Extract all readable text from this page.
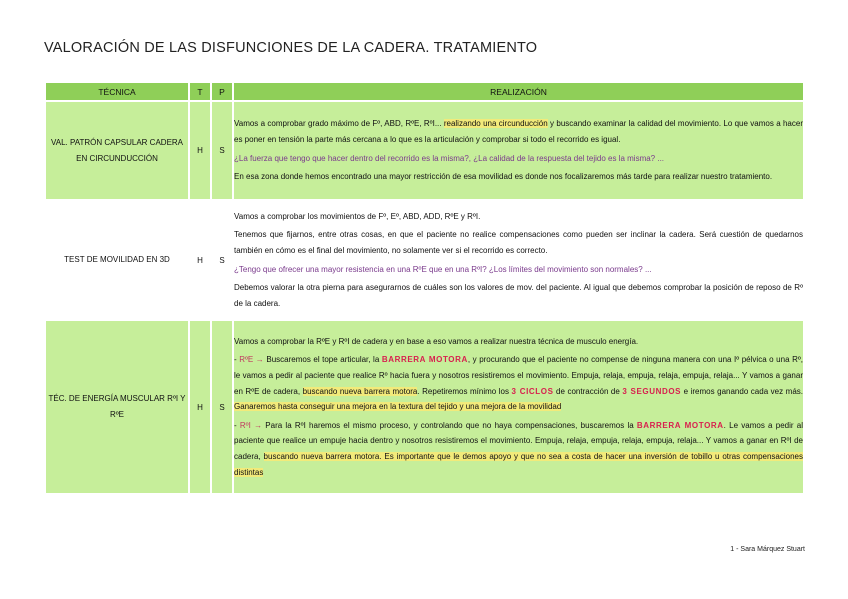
VALORACIÓN DE LAS DISFUNCIONES DE LA CADERA. TRATAMIENTO
TÉCNICA	T	P	REALIZACIÓN
VAL. PATRÓN CAPSULAR CADERA EN CIRCUNDUCCIÓN	H	S	Vamos a comprobar grado máximo de Fº, ABD, RºE, RºI... realizando una circunducción y buscando examinar la calidad del movimiento. Lo que vamos a hacer es poner en tensión la parte más cercana a lo que es la articulación y comprobar si todo el recorrido es igual.

¿La fuerza que tengo que hacer dentro del recorrido es la misma?, ¿La calidad de la respuesta del tejido es la misma? ...

En esa zona donde hemos encontrado una mayor restricción de esa movilidad es donde nos focalizaremos más tarde para realizar nuestro tratamiento.

TEST DE MOVILIDAD EN 3D	H	S	Vamos a comprobar los movimientos de Fº, Eº, ABD, ADD, RºE y RºI.

Tenemos que fijarnos, entre otras cosas, en que el paciente no realice compensaciones como pueden ser inclinar la cadera. Será cuestión de quedarnos también en cómo es el final del movimiento, no solamente ver si el recorrido es correcto.

¿Tengo que ofrecer una mayor resistencia en una RºE que en una RºI? ¿Los límites del movimiento son normales? ...

Debemos valorar la otra pierna para asegurarnos de cuáles son los valores de mov. del paciente. Al igual que debemos comprobar la posición de reposo de Rº de la cadera.

TÉC. DE ENERGÍA MUSCULAR RºI Y RºE	H	S	Vamos a comprobar la RºE y RºI de cadera y en base a eso vamos a realizar nuestra técnica de musculo energía.

- RºE → Buscaremos el tope articular, la BARRERA MOTORA, y procurando que el paciente no compense de ninguna manera con una Iº pélvica o una Rº, le vamos a pedir al paciente que realice Rº hacia fuera y nosotros resistiremos el movimiento. Empuja, relaja, empuja, relaja, empuja, relaja... Y vamos a ganar en RºE de cadera, buscando nueva barrera motora. Repetiremos mínimo los 3 CICLOS de contracción de 3 SEGUNDOS e iremos ganando cada vez más. Ganaremos hasta conseguir una mejora en la textura del tejido y una mejora de la movilidad

- RºI → Para la RºI haremos el mismo proceso, y controlando que no haya compensaciones, buscaremos la BARRERA MOTORA. Le vamos a pedir al paciente que realice un empuje hacia dentro y nosotros resistiremos el movimiento. Empuja, relaja, empuja, relaja, empuja, relaja... Y vamos a ganar en RºI de cadera, buscando nueva barrera motora. Es importante que le demos apoyo y que no sea a costa de hacer una inversión de tobillo u otras compensaciones distintas

1 - Sara Márquez Stuart
